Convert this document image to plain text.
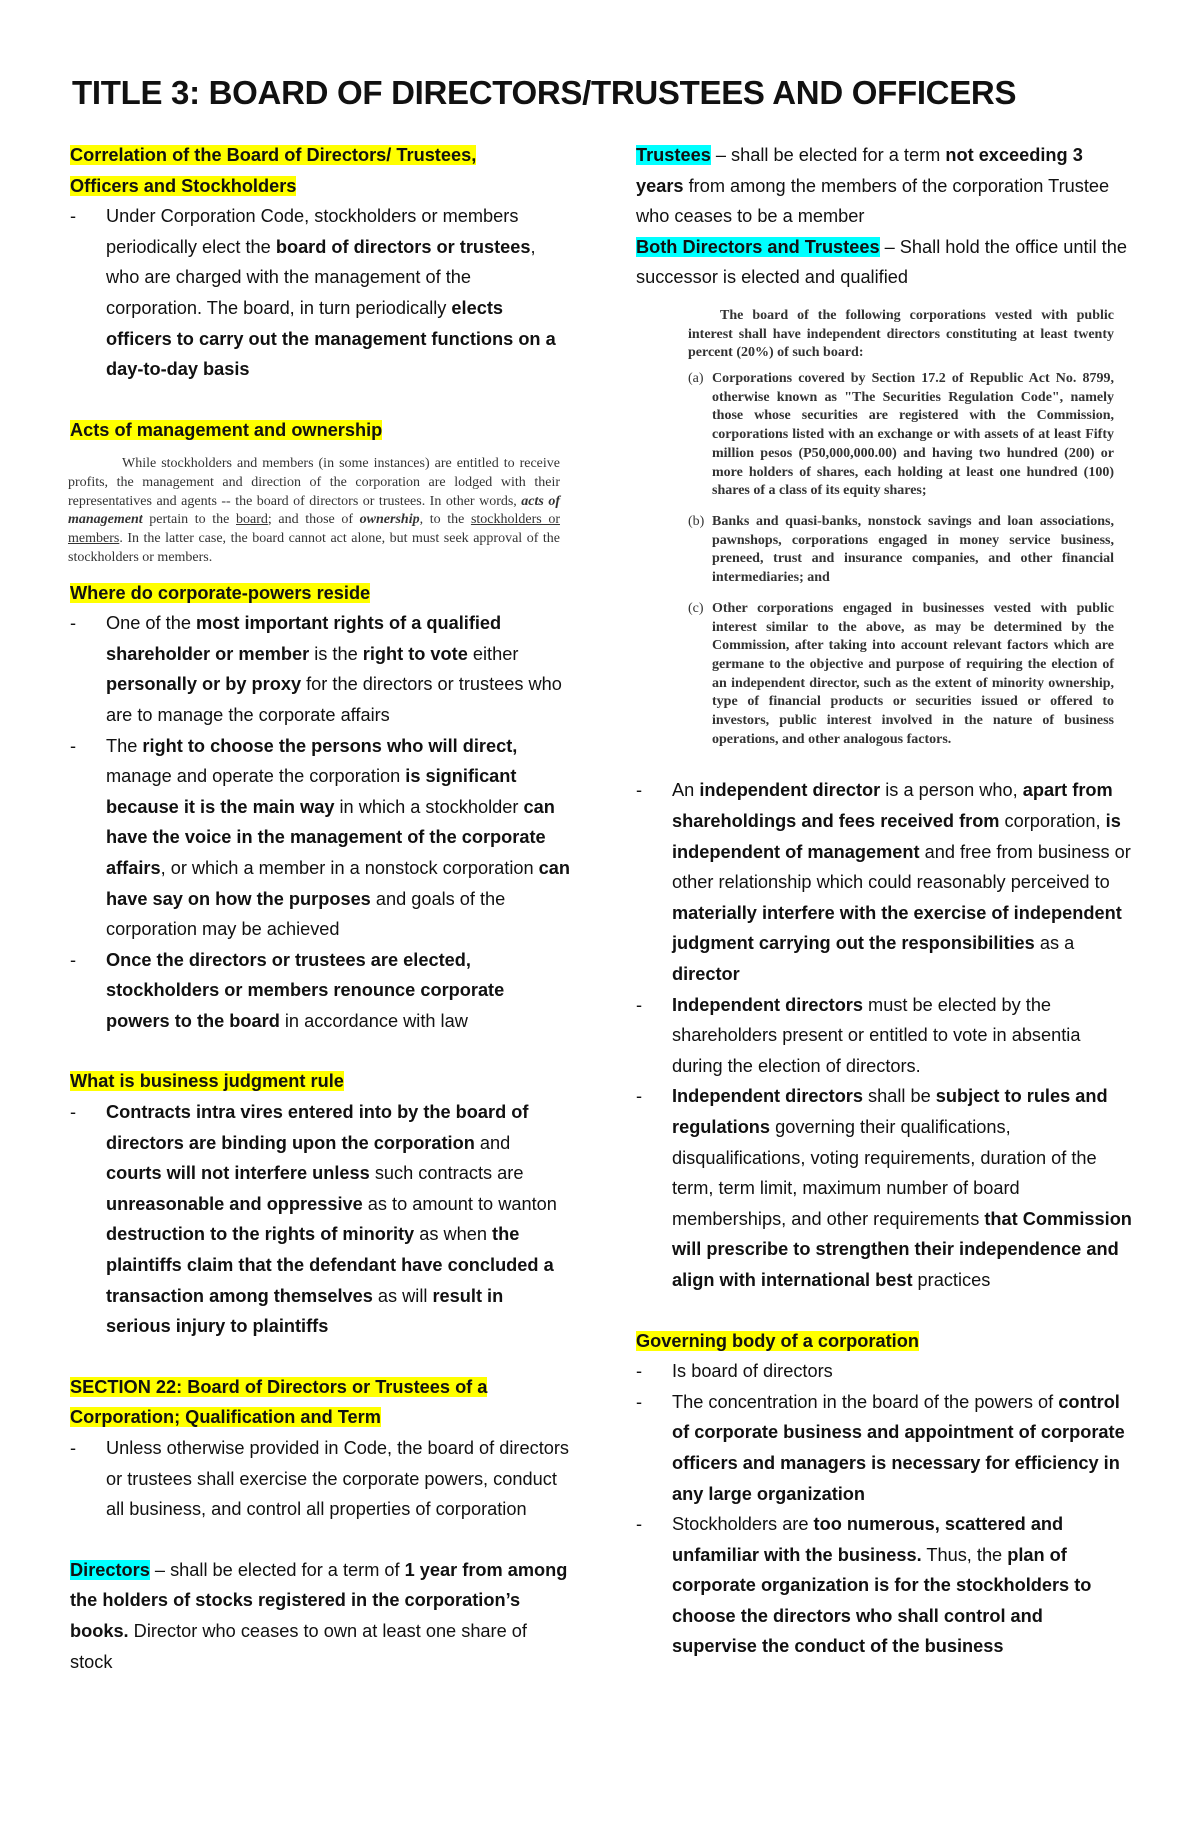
TITLE 3: BOARD OF DIRECTORS/TRUSTEES AND OFFICERS
Correlation of the Board of Directors/ Trustees,
Officers and Stockholders
- Under Corporation Code, stockholders or members periodically elect the board of directors or trustees, who are charged with the management of the corporation. The board, in turn periodically elects officers to carry out the management functions on a day-to-day basis
Acts of management and ownership
While stockholders and members (in some instances) are entitled to receive profits, the management and direction of the corporation are lodged with their representatives and agents -- the board of directors or trustees. In other words, acts of management pertain to the board; and those of ownership, to the stockholders or members. In the latter case, the board cannot act alone, but must seek approval of the stockholders or members.
Where do corporate-powers reside
- One of the most important rights of a qualified shareholder or member is the right to vote either personally or by proxy for the directors or trustees who are to manage the corporate affairs
- The right to choose the persons who will direct, manage and operate the corporation is significant because it is the main way in which a stockholder can have the voice in the management of the corporate affairs, or which a member in a nonstock corporation can have say on how the purposes and goals of the corporation may be achieved
- Once the directors or trustees are elected, stockholders or members renounce corporate powers to the board in accordance with law
What is business judgment rule
- Contracts intra vires entered into by the board of directors are binding upon the corporation and courts will not interfere unless such contracts are unreasonable and oppressive as to amount to wanton destruction to the rights of minority as when the plaintiffs claim that the defendant have concluded a transaction among themselves as will result in serious injury to plaintiffs
SECTION 22: Board of Directors or Trustees of a
Corporation; Qualification and Term
- Unless otherwise provided in Code, the board of directors or trustees shall exercise the corporate powers, conduct all business, and control all properties of corporation

Directors – shall be elected for a term of 1 year from among the holders of stocks registered in the corporation’s books. Director who ceases to own at least one share of stock

Trustees – shall be elected for a term not exceeding 3 years from among the members of the corporation Trustee who ceases to be a member

Both Directors and Trustees – Shall hold the office until the successor is elected and qualified

The board of the following corporations vested with public interest shall have independent directors constituting at least twenty percent (20%) of such board:
(a) Corporations covered by Section 17.2 of Republic Act No. 8799, otherwise known as "The Securities Regulation Code", namely those whose securities are registered with the Commission, corporations listed with an exchange or with assets of at least Fifty million pesos (P50,000,000.00) and having two hundred (200) or more holders of shares, each holding at least one hundred (100) shares of a class of its equity shares;
(b) Banks and quasi-banks, nonstock savings and loan associations, pawnshops, corporations engaged in money service business, preneed, trust and insurance companies, and other financial intermediaries; and
(c) Other corporations engaged in businesses vested with public interest similar to the above, as may be determined by the Commission, after taking into account relevant factors which are germane to the objective and purpose of requiring the election of an independent director, such as the extent of minority ownership, type of financial products or securities issued or offered to investors, public interest involved in the nature of business operations, and other analogous factors.
- An independent director is a person who, apart from shareholdings and fees received from corporation, is independent of management and free from business or other relationship which could reasonably perceived to materially interfere with the exercise of independent judgment carrying out the responsibilities as a director
- Independent directors must be elected by the shareholders present or entitled to vote in absentia during the election of directors.
- Independent directors shall be subject to rules and regulations governing their qualifications, disqualifications, voting requirements, duration of the term, term limit, maximum number of board memberships, and other requirements that Commission will prescribe to strengthen their independence and align with international best practices
Governing body of a corporation
- Is board of directors
- The concentration in the board of the powers of control of corporate business and appointment of corporate officers and managers is necessary for efficiency in any large organization
- Stockholders are too numerous, scattered and unfamiliar with the business. Thus, the plan of corporate organization is for the stockholders to choose the directors who shall control and supervise the conduct of the business
